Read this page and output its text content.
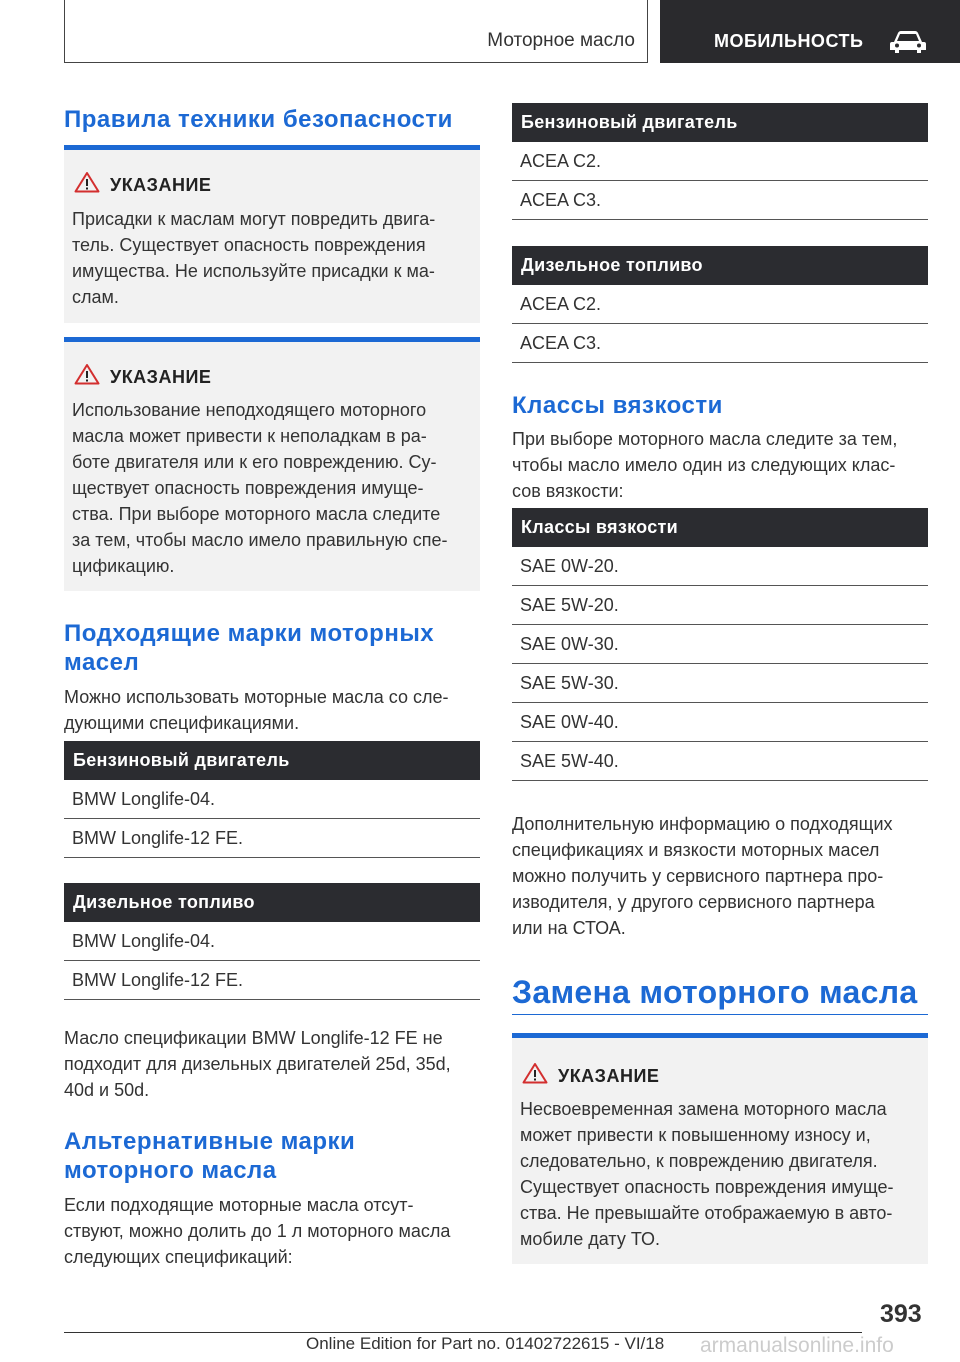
Моторное масло	МОБИЛЬНОСТЬ
Правила техники безопасности
УКАЗАНИЕ
Присадки к маслам могут повредить двига-
тель. Существует опасность повреждения
имущества. Не используйте присадки к ма-
слам.
УКАЗАНИЕ
Использование неподходящего моторного
масла может привести к неполадкам в ра-
боте двигателя или к его повреждению. Су-
ществует опасность повреждения имуще-
ства. При выборе моторного масла следите
за тем, чтобы масло имело правильную спе-
цификацию.
Подходящие марки моторных
масел
Можно использовать моторные масла со сле-
дующими спецификациями.
Бензиновый двигатель
BMW Longlife-04.
BMW Longlife-12 FE.
Дизельное топливо
BMW Longlife-04.
BMW Longlife-12 FE.
Масло спецификации BMW Longlife-12 FE не
подходит для дизельных двигателей 25d, 35d,
40d и 50d.
Альтернативные марки
моторного масла
Если подходящие моторные масла отсут-
ствуют, можно долить до 1 л моторного масла
следующих спецификаций:
Бензиновый двигатель
ACEA C2.
ACEA C3.
Дизельное топливо
ACEA C2.
ACEA C3.
Классы вязкости
При выборе моторного масла следите за тем,
чтобы масло имело один из следующих клас-
сов вязкости:
Классы вязкости
SAE 0W-20.
SAE 5W-20.
SAE 0W-30.
SAE 5W-30.
SAE 0W-40.
SAE 5W-40.
Дополнительную информацию о подходящих
спецификациях и вязкости моторных масел
можно получить у сервисного партнера про-
изводителя, у другого сервисного партнера
или на СТОА.
Замена моторного масла
УКАЗАНИЕ
Несвоевременная замена моторного масла
может привести к повышенному износу и,
следовательно, к повреждению двигателя.
Существует опасность повреждения имуще-
ства. Не превышайте отображаемую в авто-
мобиле дату ТО.
393
Online Edition for Part no. 01402722615 - VI/18 armanualsonline.info
